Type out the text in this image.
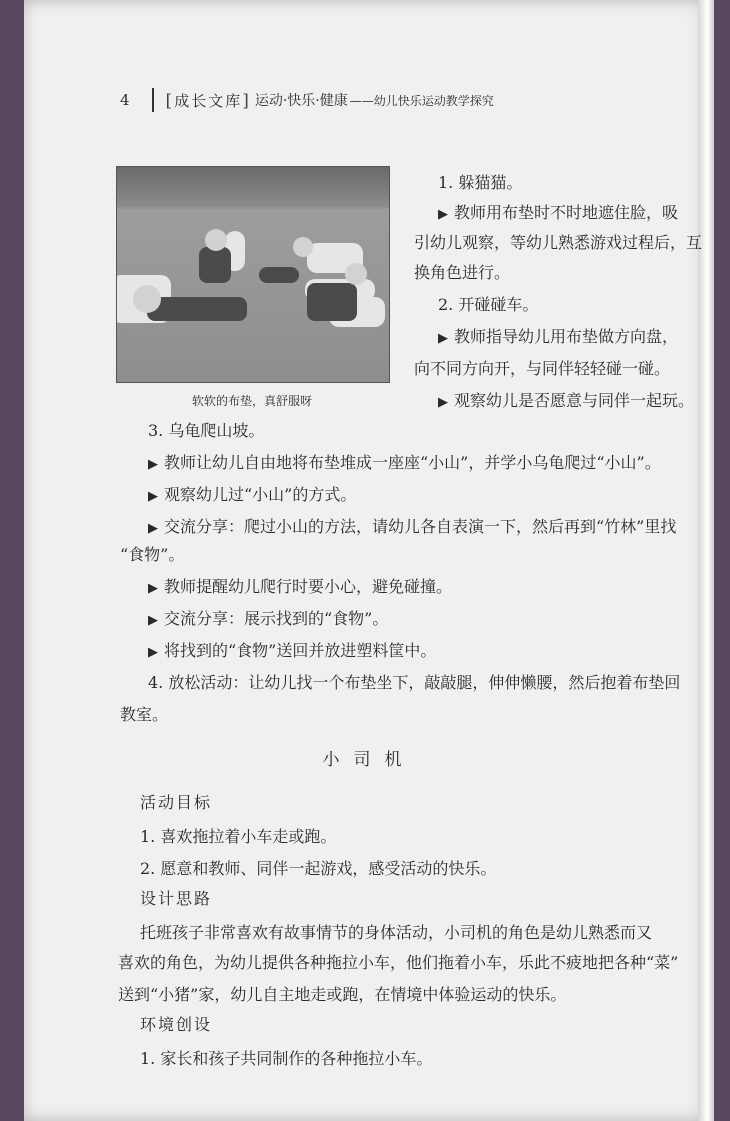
4 [成长文库] 运动·快乐·健康 ——幼儿快乐运动教学探究
软软的布垫，真舒服呀
1. 躲猫猫。
▶ 教师用布垫时不时地遮住脸，吸
引幼儿观察，等幼儿熟悉游戏过程后，互
换角色进行。
2. 开碰碰车。
▶ 教师指导幼儿用布垫做方向盘，
向不同方向开，与同伴轻轻碰一碰。
▶ 观察幼儿是否愿意与同伴一起玩。
3. 乌龟爬山坡。
▶ 教师让幼儿自由地将布垫堆成一座座“小山”，并学小乌龟爬过“小山”。
▶ 观察幼儿过“小山”的方式。
▶ 交流分享：爬过小山的方法，请幼儿各自表演一下，然后再到“竹林”里找
“食物”。
▶ 教师提醒幼儿爬行时要小心，避免碰撞。
▶ 交流分享：展示找到的“食物”。
▶ 将找到的“食物”送回并放进塑料筐中。
4. 放松活动：让幼儿找一个布垫坐下，敲敲腿，伸伸懒腰，然后抱着布垫回
教室。
小司机
活动目标
1. 喜欢拖拉着小车走或跑。
2. 愿意和教师、同伴一起游戏，感受活动的快乐。
设计思路
托班孩子非常喜欢有故事情节的身体活动，小司机的角色是幼儿熟悉而又
喜欢的角色，为幼儿提供各种拖拉小车，他们拖着小车，乐此不疲地把各种“菜”
送到“小猪”家，幼儿自主地走或跑，在情境中体验运动的快乐。
环境创设
1. 家长和孩子共同制作的各种拖拉小车。
